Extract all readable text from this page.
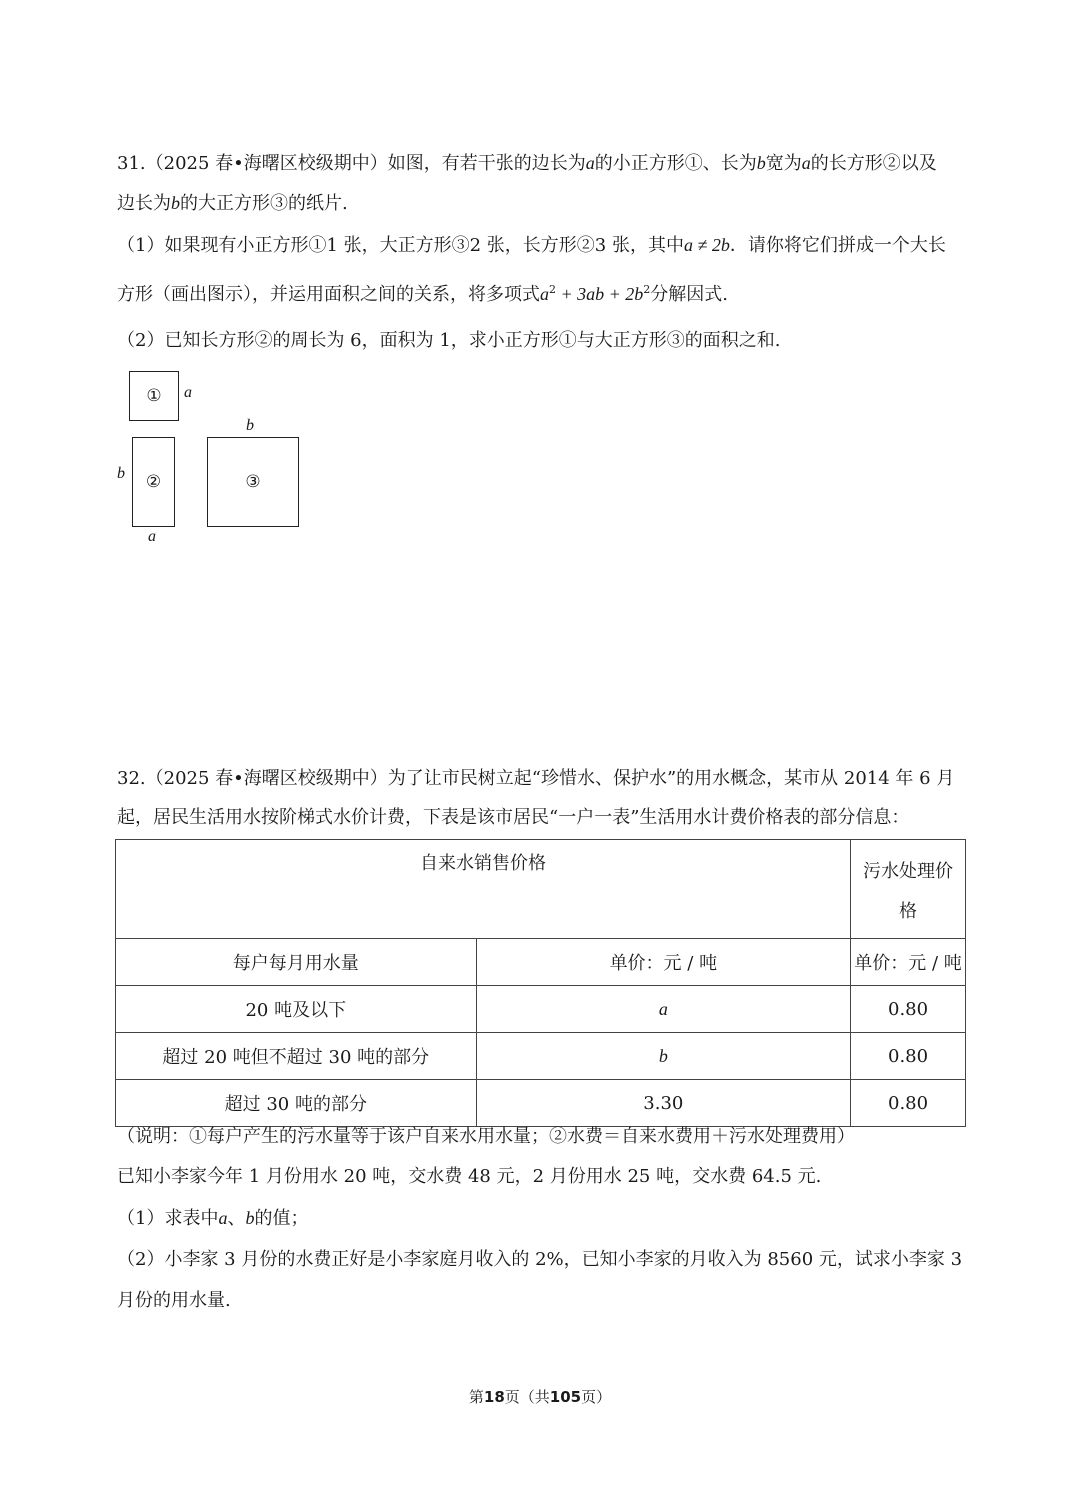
31.（2025 春•海曙区校级期中）如图，有若干张的边长为a的小正方形①、长为b宽为a的长方形②以及
边长为b的大正方形③的纸片.
（1）如果现有小正方形①1 张，大正方形③2 张，长方形②3 张，其中a ≠ 2b．请你将它们拼成一个大长
方形（画出图示），并运用面积之间的关系，将多项式$a^2 + 3ab + 2b^2$分解因式.
（2）已知长方形②的周长为 6，面积为 1，求小正方形①与大正方形③的面积之和.
① a
②
b
a
③
b
32.（2025 春•海曙区校级期中）为了让市民树立起“珍惜水、保护水”的用水概念，某市从 2014 年 6 月
起，居民生活用水按阶梯式水价计费，下表是该市居民“一户一表”生活用水计费价格表的部分信息：
自来水销售价格		污水处理价
格
每户每月用水量	单价：元 / 吨	单价：元 / 吨
20 吨及以下	a	0.80
超过 20 吨但不超过 30 吨的部分	b	0.80
超过 30 吨的部分	3.30	0.80
（说明：①每户产生的污水量等于该户自来水用水量；②水费＝自来水费用＋污水处理费用）
已知小李家今年 1 月份用水 20 吨，交水费 48 元，2 月份用水 25 吨，交水费 64.5 元.
（1）求表中a、b的值；
（2）小李家 3 月份的水费正好是小李家庭月收入的 2%，已知小李家的月收入为 8560 元，试求小李家 3
月份的用水量.
第18页（共105页）
